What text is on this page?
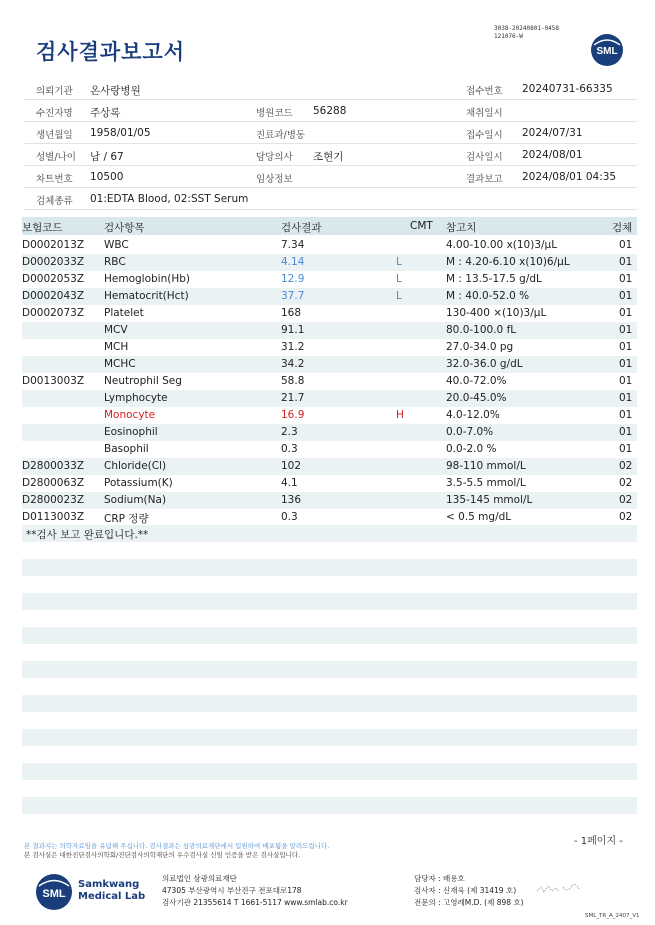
검사결과보고서
3038-20240801-0458
121076-W
SML
의뢰기관 온사랑병원	접수번호 20240731-66335
수진자명 주상록	병원코드 56288	채취일시
생년월일 1958/01/05	진료과/병동	접수일시 2024/07/31
성별/나이 남 / 67	담당의사 조현기	검사일시 2024/08/01
차트번호 10500	임상정보	결과보고 2024/08/01 04:35
검체종류 01:EDTA Blood, 02:SST Serum
보험코드	검사항목	검사결과	CMT 참고치	검체
D0002013Z WBC	7.34	4.00-10.00 x(10)3/μL	01
D0002033Z RBC	4.14	L	M : 4.20-6.10 x(10)6/μL	01
D0002053Z Hemoglobin(Hb)	12.9	L	M : 13.5-17.5 g/dL	01
D0002043Z Hematocrit(Hct)	37.7	L	M : 40.0-52.0 %	01
D0002073Z Platelet	168	130-400 ×(10)3/μL	01
MCV	91.1	80.0-100.0 fL	01
MCH	31.2	27.0-34.0 pg	01
MCHC	34.2	32.0-36.0 g/dL	01
D0013003Z Neutrophil Seg	58.8	40.0-72.0%	01
Lymphocyte	21.7	20.0-45.0%	01
Monocyte	16.9	H	4.0-12.0%	01
Eosinophil	2.3	0.0-7.0%	01
Basophil	0.3	0.0-2.0 %	01
D2800033Z Chloride(Cl)	102	98-110 mmol/L	02
D2800063Z Potassium(K)	4.1	3.5-5.5 mmol/L	02
D2800023Z Sodium(Na)	136	135-145 mmol/L	02
D0113003Z CRP 정량	0.3	< 0.5 mg/dL	02
**검사 보고 완료입니다.**
- 1페이지 -
본 결과지는 의학자료임을 유념해 주십니다. 검사결과는 삼광의료재단에서 입원하여 배포됨을 알려드립니다.
본 검사실은 대한진단검사의학회/진단검사의학재단의 우수검사실 신임 인증을 받은 검사실입니다.
SML
Samkwang
Medical Lab
의료법인 삼광의료재단
47305 부산광역시 부산진구 전포대로178
검사기관 21355614 T 1661-5117 www.smlab.co.kr
담당자 : 배용호
검사자 : 신재욱 (제 31419 호)
전문의 : 고영례M.D. (제 898 호)
SML_TR_A_2407_V1
